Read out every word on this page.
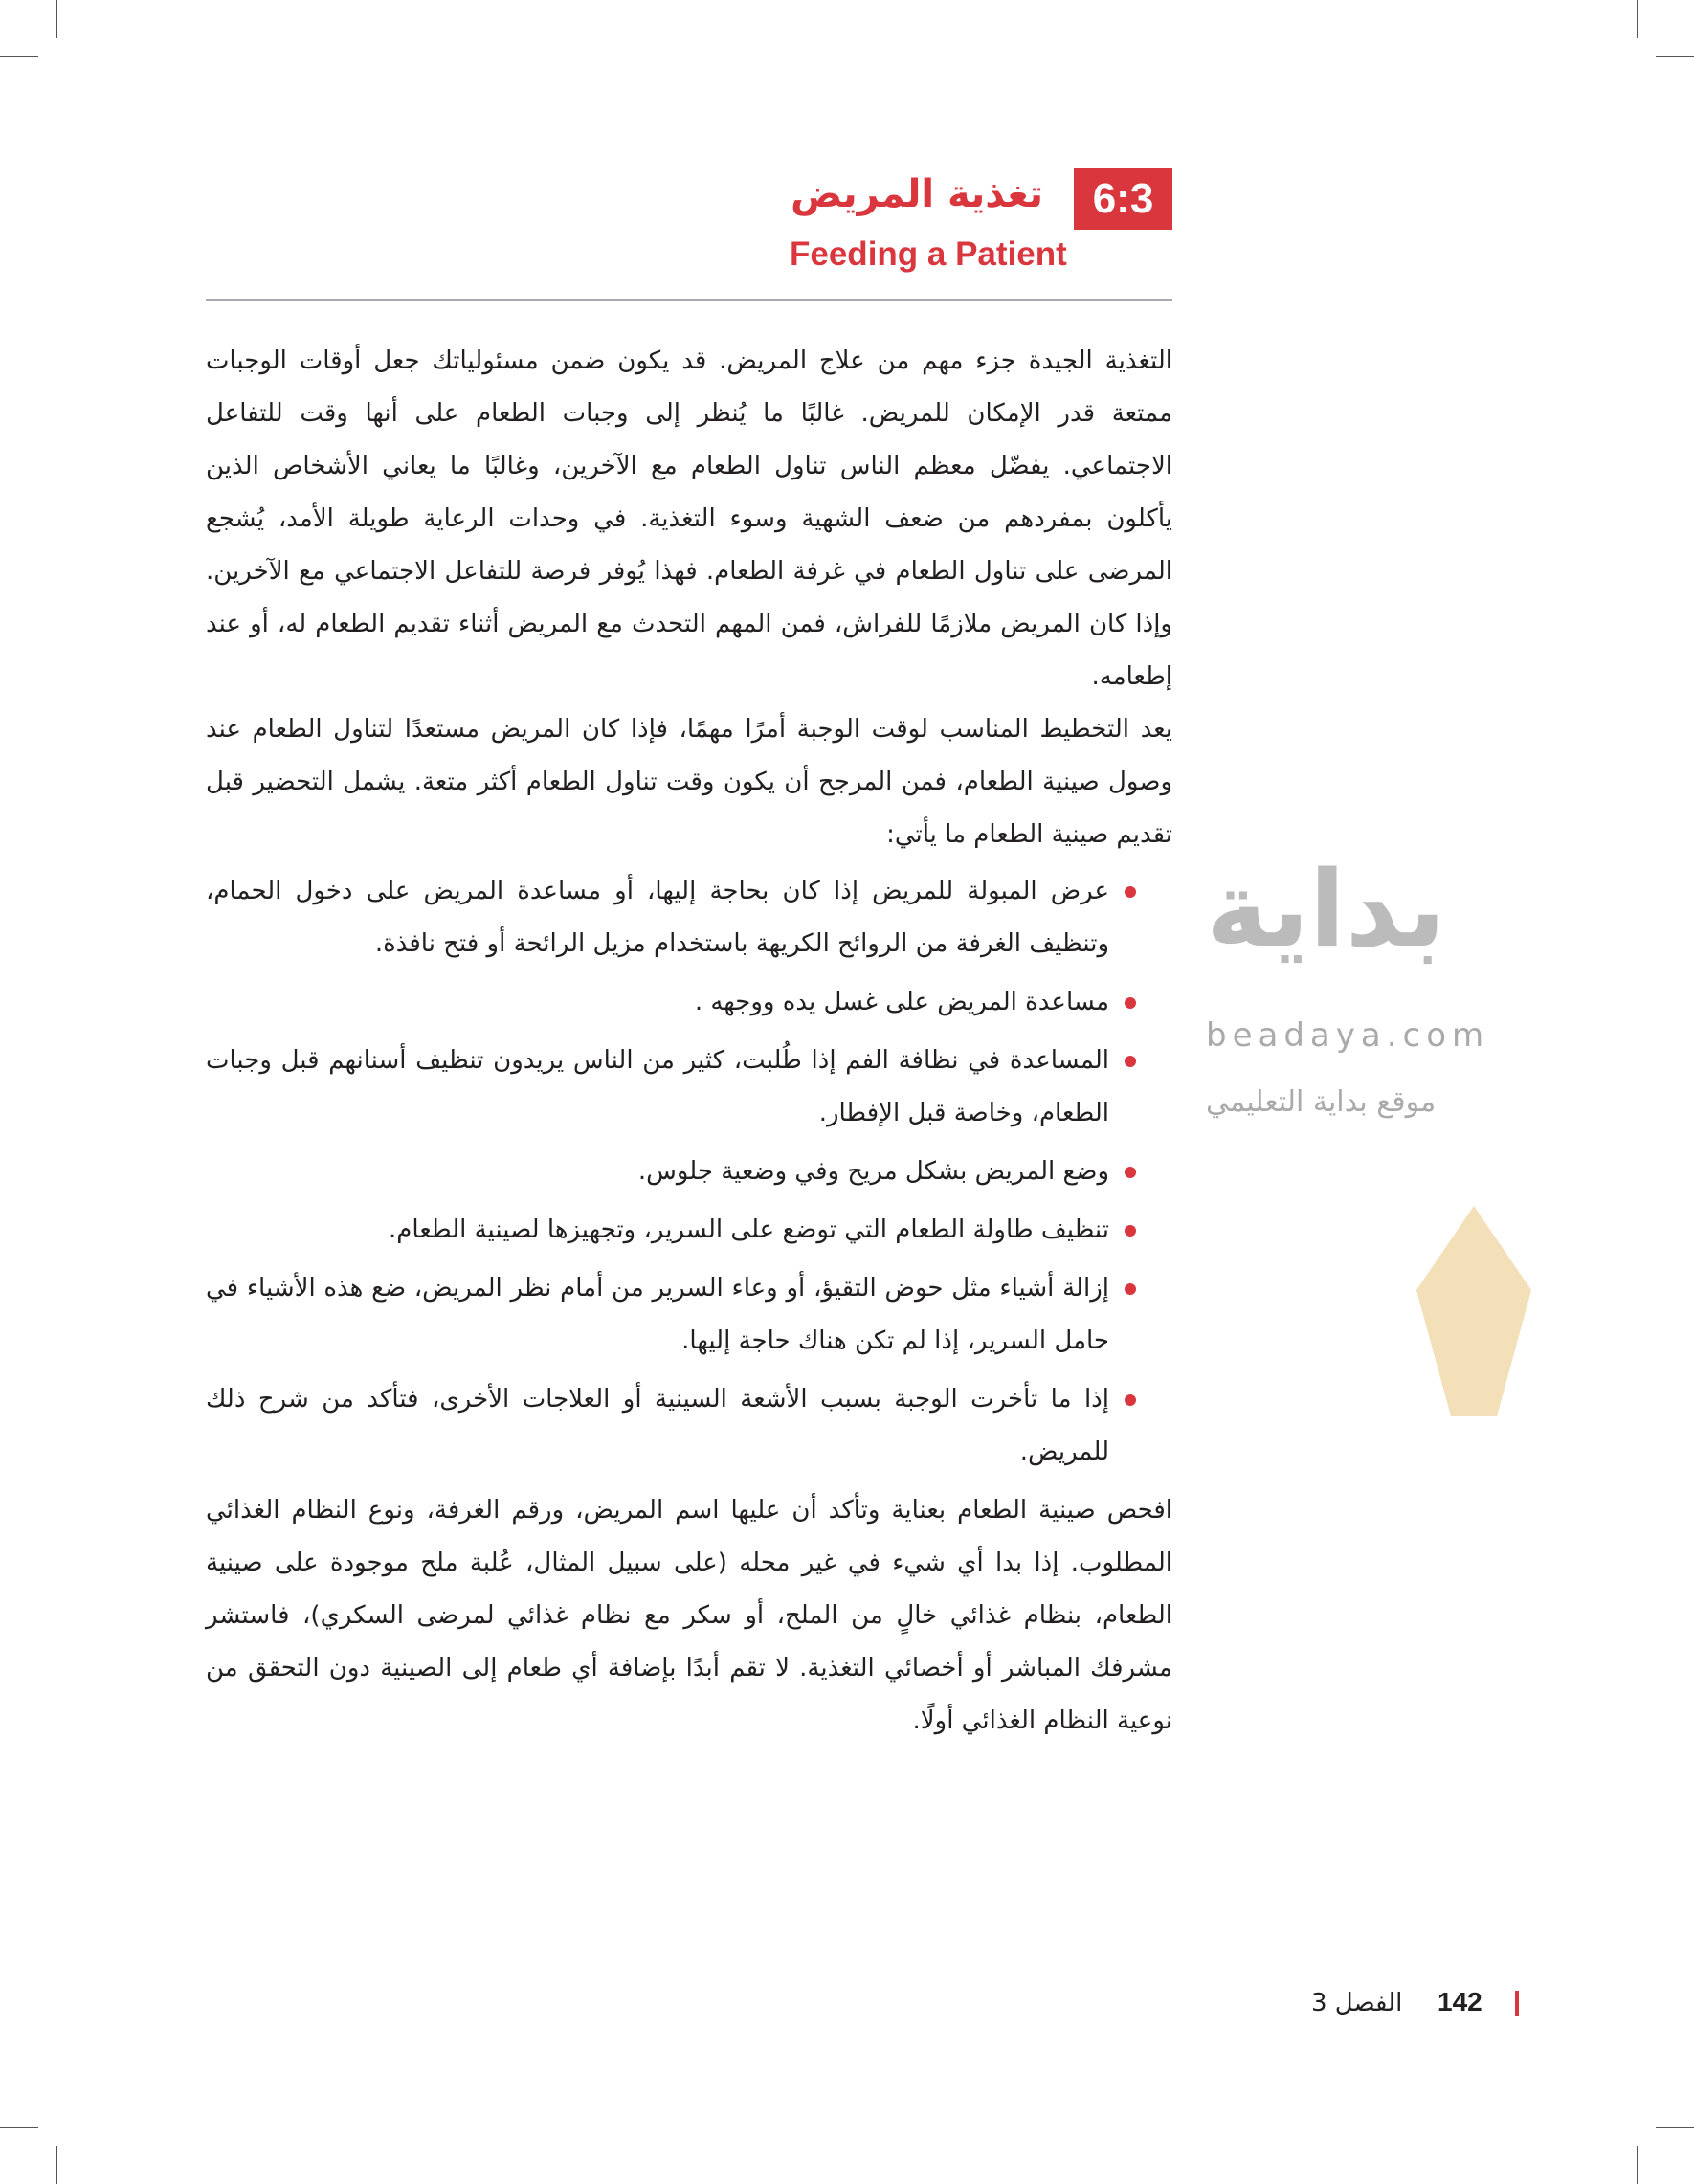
بداية
beadaya.com
موقع بداية التعليمي
6:3
تغذية المريض
Feeding a Patient

التغذية الجيدة جزء مهم من علاج المريض. قد يكون ضمن مسئولياتك جعل أوقات الوجبات ممتعة قدر الإمكان للمريض. غالبًا ما يُنظر إلى وجبات الطعام على أنها وقت للتفاعل الاجتماعي. يفضّل معظم الناس تناول الطعام مع الآخرين، وغالبًا ما يعاني الأشخاص الذين يأكلون بمفردهم من ضعف الشهية وسوء التغذية. في وحدات الرعاية طويلة الأمد، يُشجع المرضى على تناول الطعام في غرفة الطعام. فهذا يُوفر فرصة للتفاعل الاجتماعي مع الآخرين. وإذا كان المريض ملازمًا للفراش، فمن المهم التحدث مع المريض أثناء تقديم الطعام له، أو عند إطعامه.

يعد التخطيط المناسب لوقت الوجبة أمرًا مهمًا، فإذا كان المريض مستعدًا لتناول الطعام عند وصول صينية الطعام، فمن المرجح أن يكون وقت تناول الطعام أكثر متعة. يشمل التحضير قبل تقديم صينية الطعام ما يأتي:

عرض المبولة للمريض إذا كان بحاجة إليها، أو مساعدة المريض على دخول الحمام، وتنظيف الغرفة من الروائح الكريهة باستخدام مزيل الرائحة أو فتح نافذة.
مساعدة المريض على غسل يده ووجهه .
المساعدة في نظافة الفم إذا طُلبت، كثير من الناس يريدون تنظيف أسنانهم قبل وجبات الطعام، وخاصة قبل الإفطار.
وضع المريض بشكل مريح وفي وضعية جلوس.
تنظيف طاولة الطعام التي توضع على السرير، وتجهيزها لصينية الطعام.
إزالة أشياء مثل حوض التقيؤ، أو وعاء السرير من أمام نظر المريض، ضع هذه الأشياء في حامل السرير، إذا لم تكن هناك حاجة إليها.
إذا ما تأخرت الوجبة بسبب الأشعة السينية أو العلاجات الأخرى، فتأكد من شرح ذلك للمريض.

افحص صينية الطعام بعناية وتأكد أن عليها اسم المريض، ورقم الغرفة، ونوع النظام الغذائي المطلوب. إذا بدا أي شيء في غير محله (على سبيل المثال، عُلبة ملح موجودة على صينية الطعام، بنظام غذائي خالٍ من الملح، أو سكر مع نظام غذائي لمرضى السكري)، فاستشر مشرفك المباشر أو أخصائي التغذية. لا تقم أبدًا بإضافة أي طعام إلى الصينية دون التحقق من نوعية النظام الغذائي أولًا.

142
الفصل 3
